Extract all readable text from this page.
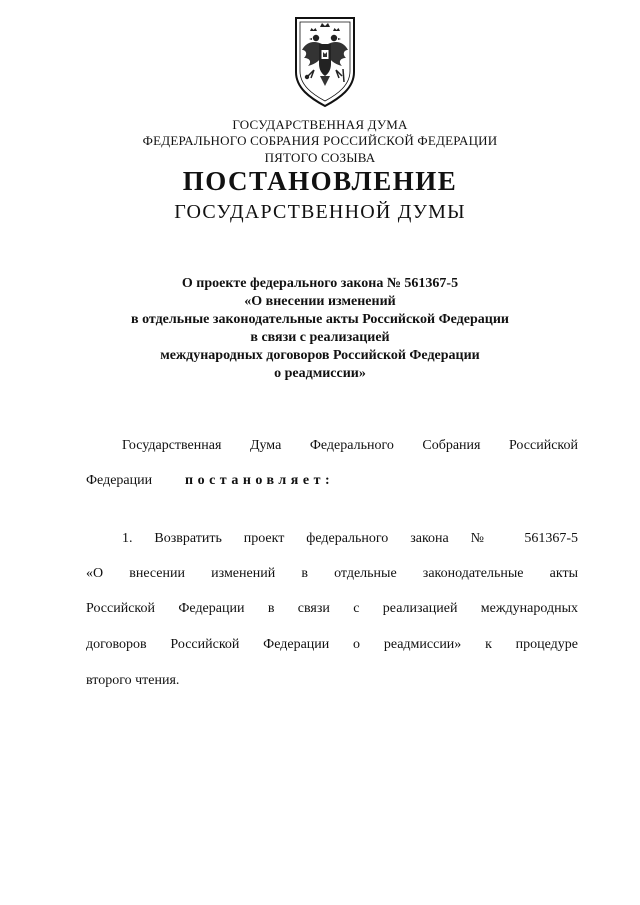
ГОСУДАРСТВЕННАЯ ДУМА
ФЕДЕРАЛЬНОГО СОБРАНИЯ РОССИЙСКОЙ ФЕДЕРАЦИИ
ПЯТОГО СОЗЫВА
ПОСТАНОВЛЕНИЕ
ГОСУДАРСТВЕННОЙ ДУМЫ
О проекте федерального закона № 561367-5
«О внесении изменений
в отдельные законодательные акты Российской Федерации
в связи с реализацией
международных договоров Российской Федерации
о реадмиссии»
Государственная Дума Федерального Собрания Российской
Федерации постановляет:
1. Возвратить проект федерального закона № 561367-5
«О внесении изменений в отдельные законодательные акты
Российской Федерации в связи с реализацией международных
договоров Российской Федерации о реадмиссии» к процедуре
второго чтения.
